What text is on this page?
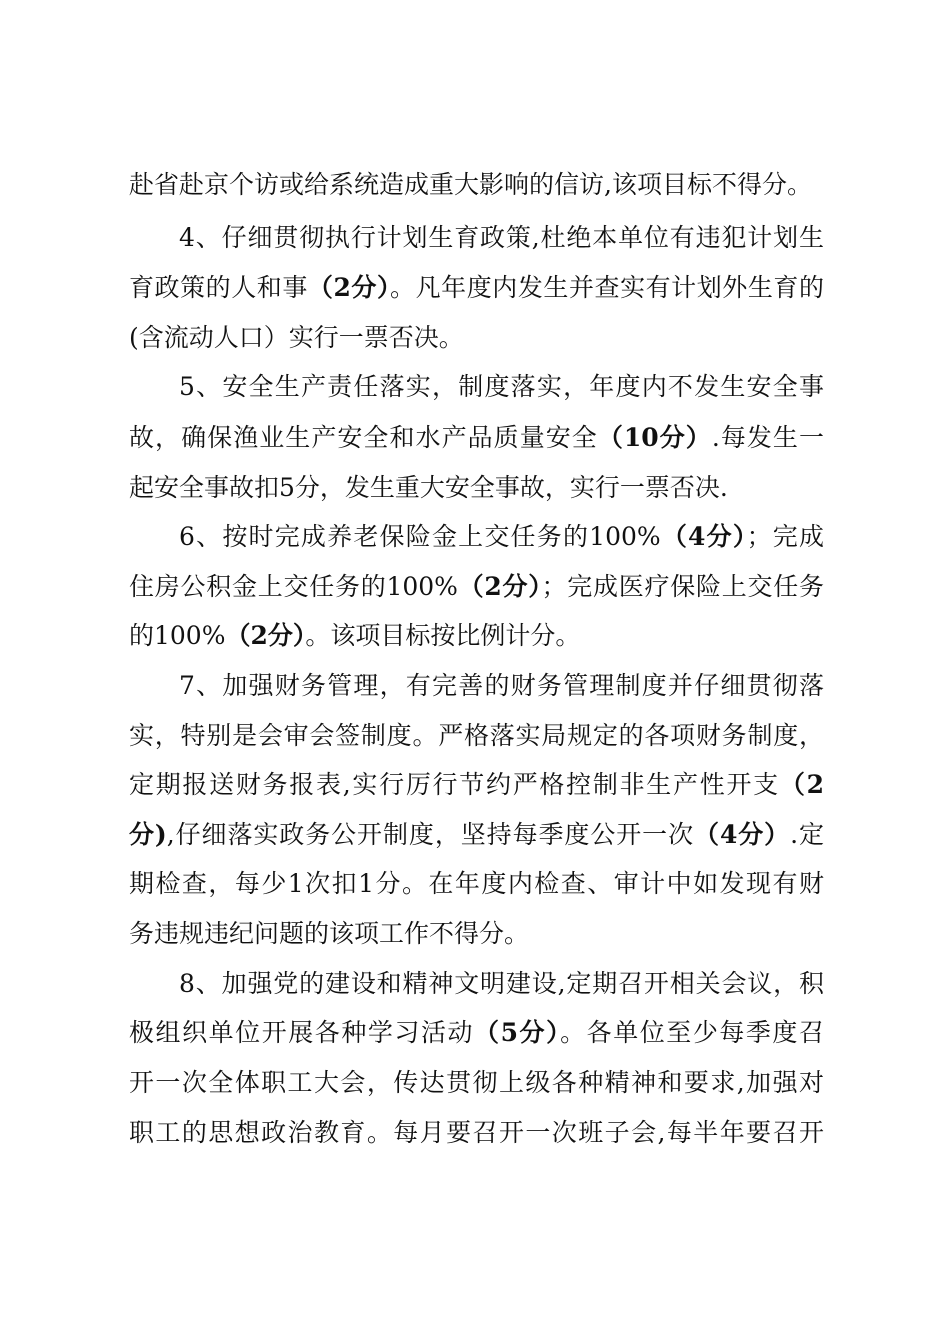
赴省赴京个访或给系统造成重大影响的信访,该项目标不得分。
4、仔细贯彻执行计划生育政策,杜绝本单位有违犯计划生
育政策的人和事（2分）。凡年度内发生并查实有计划外生育的
(含流动人口）实行一票否决。
5、安全生产责任落实，制度落实，年度内不发生安全事
故，确保渔业生产安全和水产品质量安全（10分）.每发生一
起安全事故扣5分，发生重大安全事故，实行一票否决.
6、按时完成养老保险金上交任务的100%（4分）；完成
住房公积金上交任务的100%（2分）；完成医疗保险上交任务
的100%（2分）。该项目标按比例计分。
7、加强财务管理，有完善的财务管理制度并仔细贯彻落
实，特别是会审会签制度。严格落实局规定的各项财务制度，
定期报送财务报表,实行厉行节约严格控制非生产性开支（2
分),仔细落实政务公开制度，坚持每季度公开一次（4分）.定
期检查，每少1次扣1分。在年度内检查、审计中如发现有财
务违规违纪问题的该项工作不得分。
8、加强党的建设和精神文明建设,定期召开相关会议，积
极组织单位开展各种学习活动（5分）。各单位至少每季度召
开一次全体职工大会，传达贯彻上级各种精神和要求,加强对
职工的思想政治教育。每月要召开一次班子会,每半年要召开
